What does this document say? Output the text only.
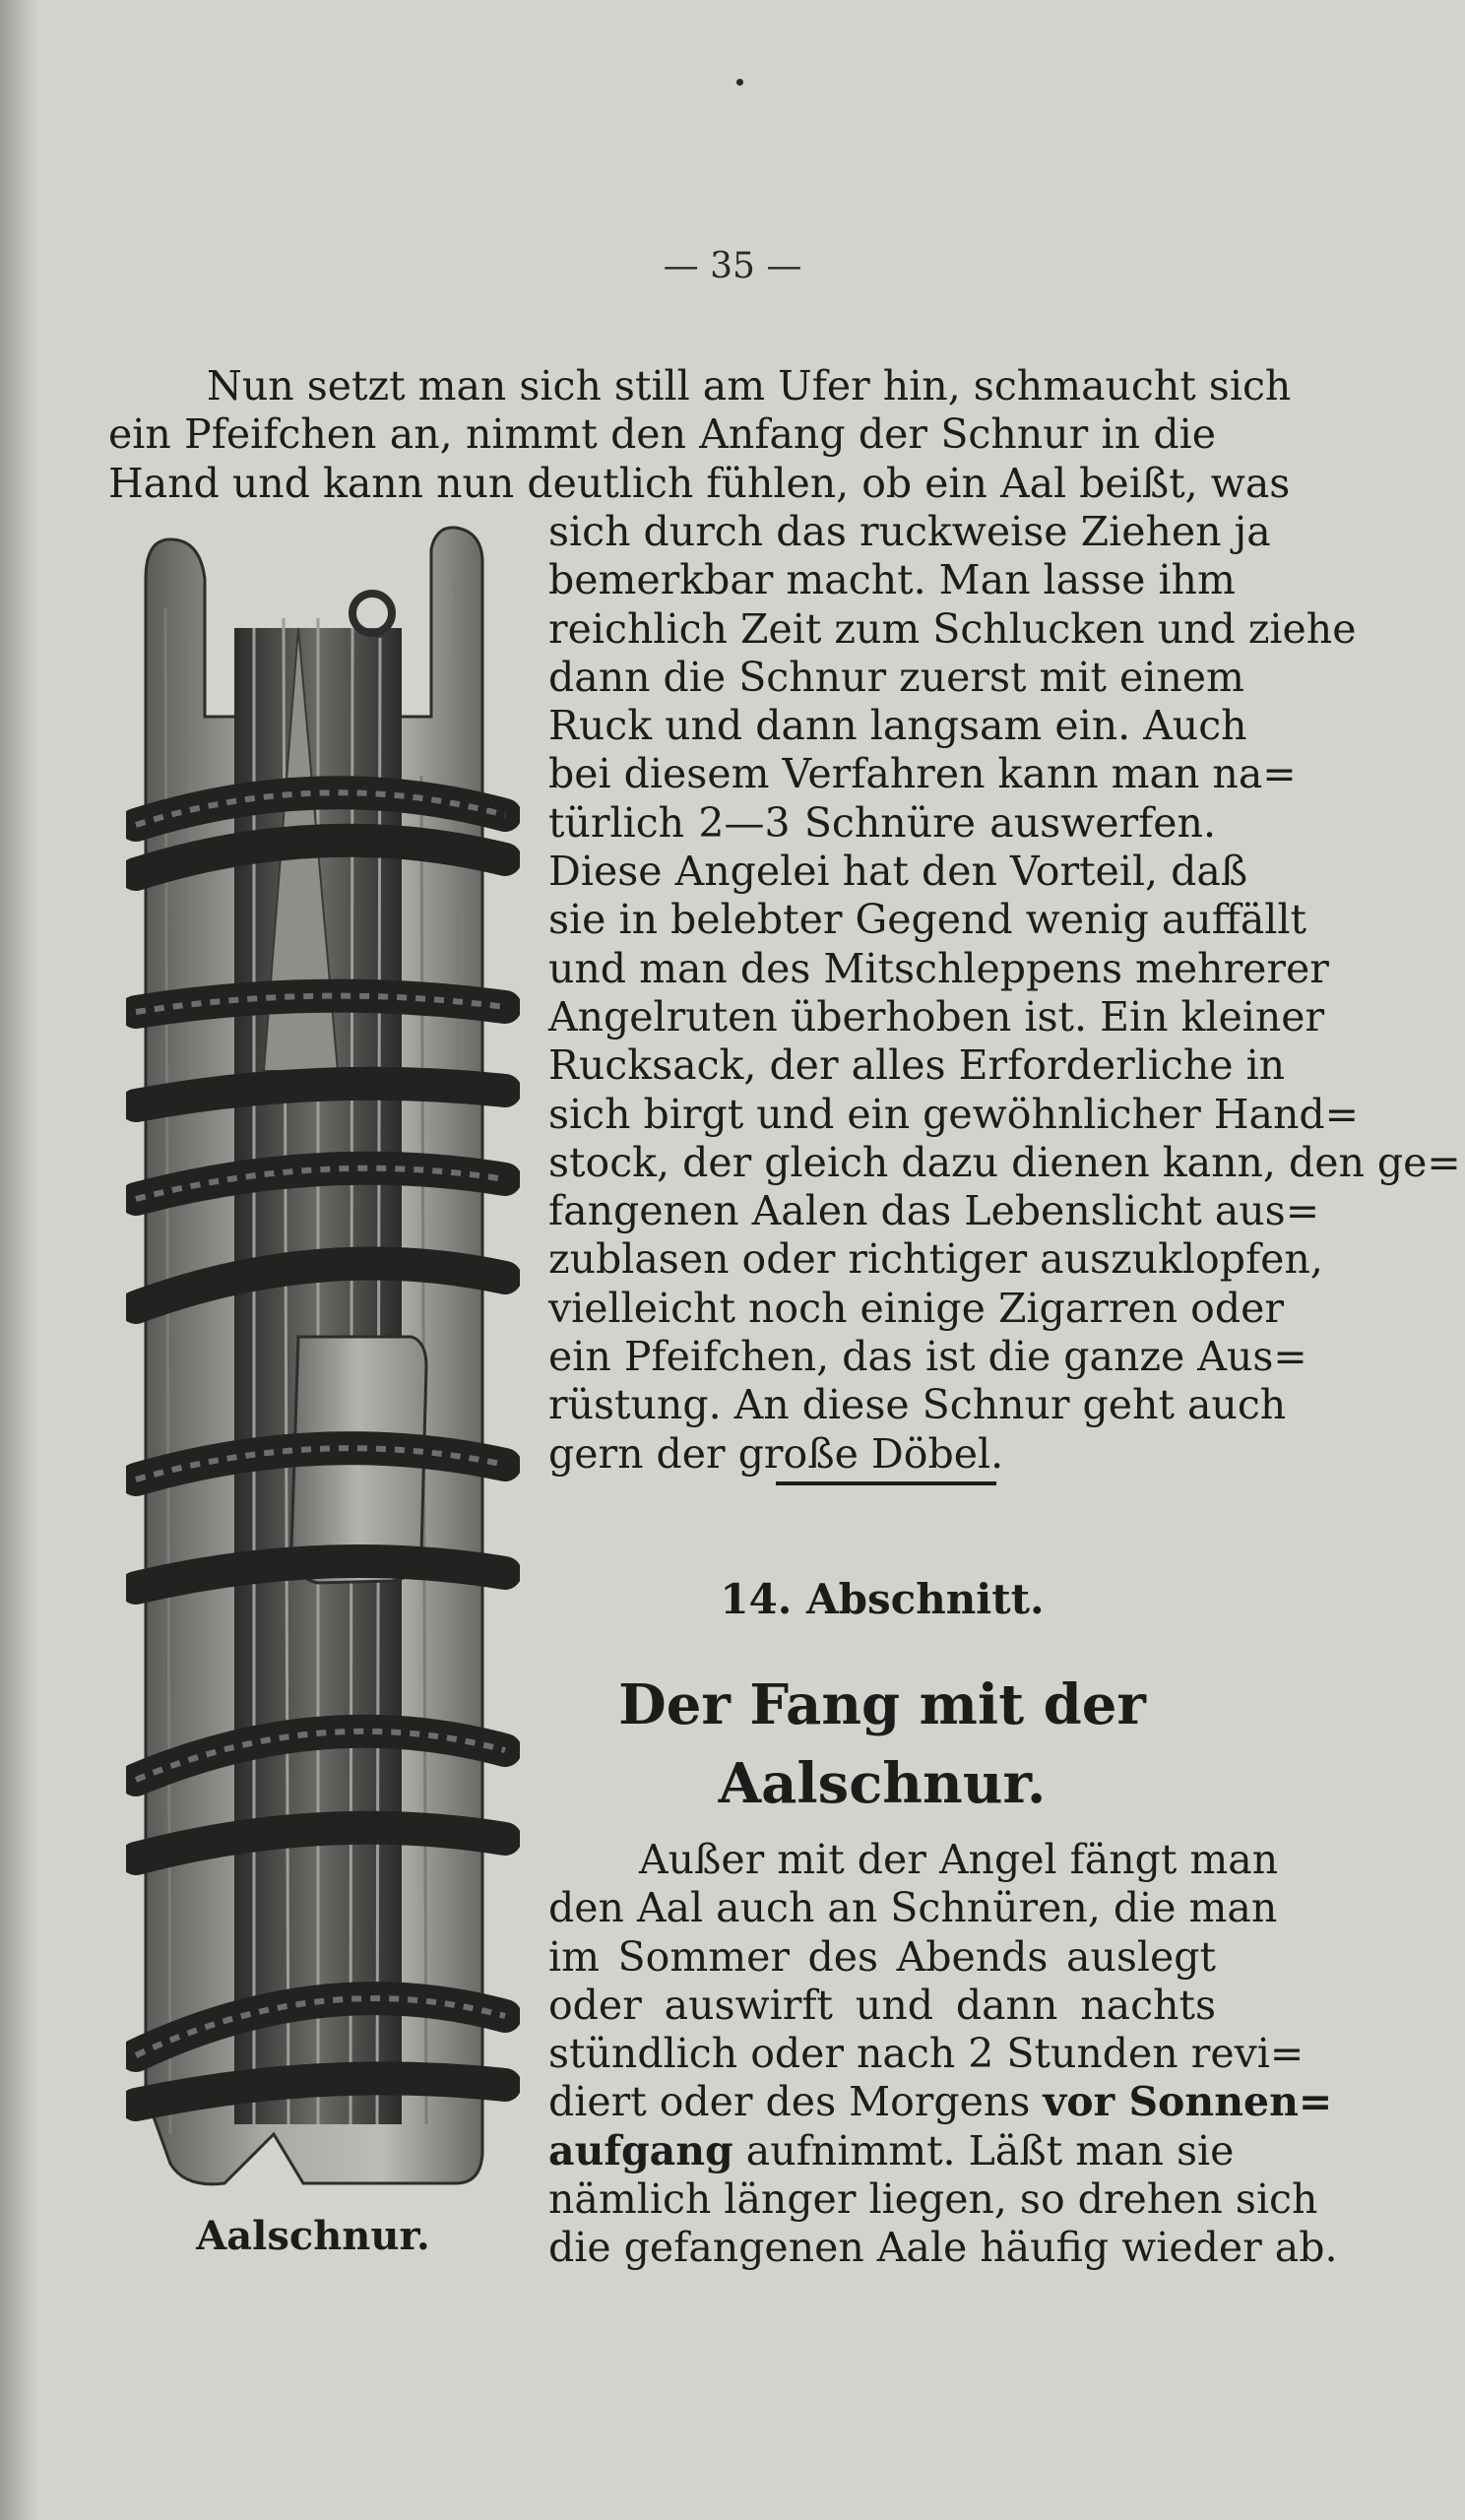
— 35 —

Nun setzt man sich still am Ufer hin, schmaucht sich
ein Pfeifchen an, nimmt den Anfang der Schnur in die
Hand und kann nun deutlich fühlen, ob ein Aal beißt, was

sich durch das ruckweise Ziehen ja
bemerkbar macht. Man lasse ihm
reichlich Zeit zum Schlucken und ziehe
dann die Schnur zuerst mit einem
Ruck und dann langsam ein. Auch
bei diesem Verfahren kann man na=
türlich 2—3 Schnüre auswerfen.
Diese Angelei hat den Vorteil, daß
sie in belebter Gegend wenig auffällt
und man des Mitschleppens mehrerer
Angelruten überhoben ist. Ein kleiner
Rucksack, der alles Erforderliche in
sich birgt und ein gewöhnlicher Hand=
stock, der gleich dazu dienen kann, den ge=
fangenen Aalen das Lebenslicht aus=
zublasen oder richtiger auszuklopfen,
vielleicht noch einige Zigarren oder
ein Pfeifchen, das ist die ganze Aus=
rüstung. An diese Schnur geht auch
gern der große Döbel.

14. Abschnitt.
Der Fang mit der
Aalschnur.

Außer mit der Angel fängt man
den Aal auch an Schnüren, die man
im Sommer des Abends auslegt
oder auswirft und dann nachts
stündlich oder nach 2 Stunden revi=
diert oder des Morgens vor Sonnen=
aufgang aufnimmt. Läßt man sie
nämlich länger liegen, so drehen sich
die gefangenen Aale häufig wieder ab.

Aalschnur.
